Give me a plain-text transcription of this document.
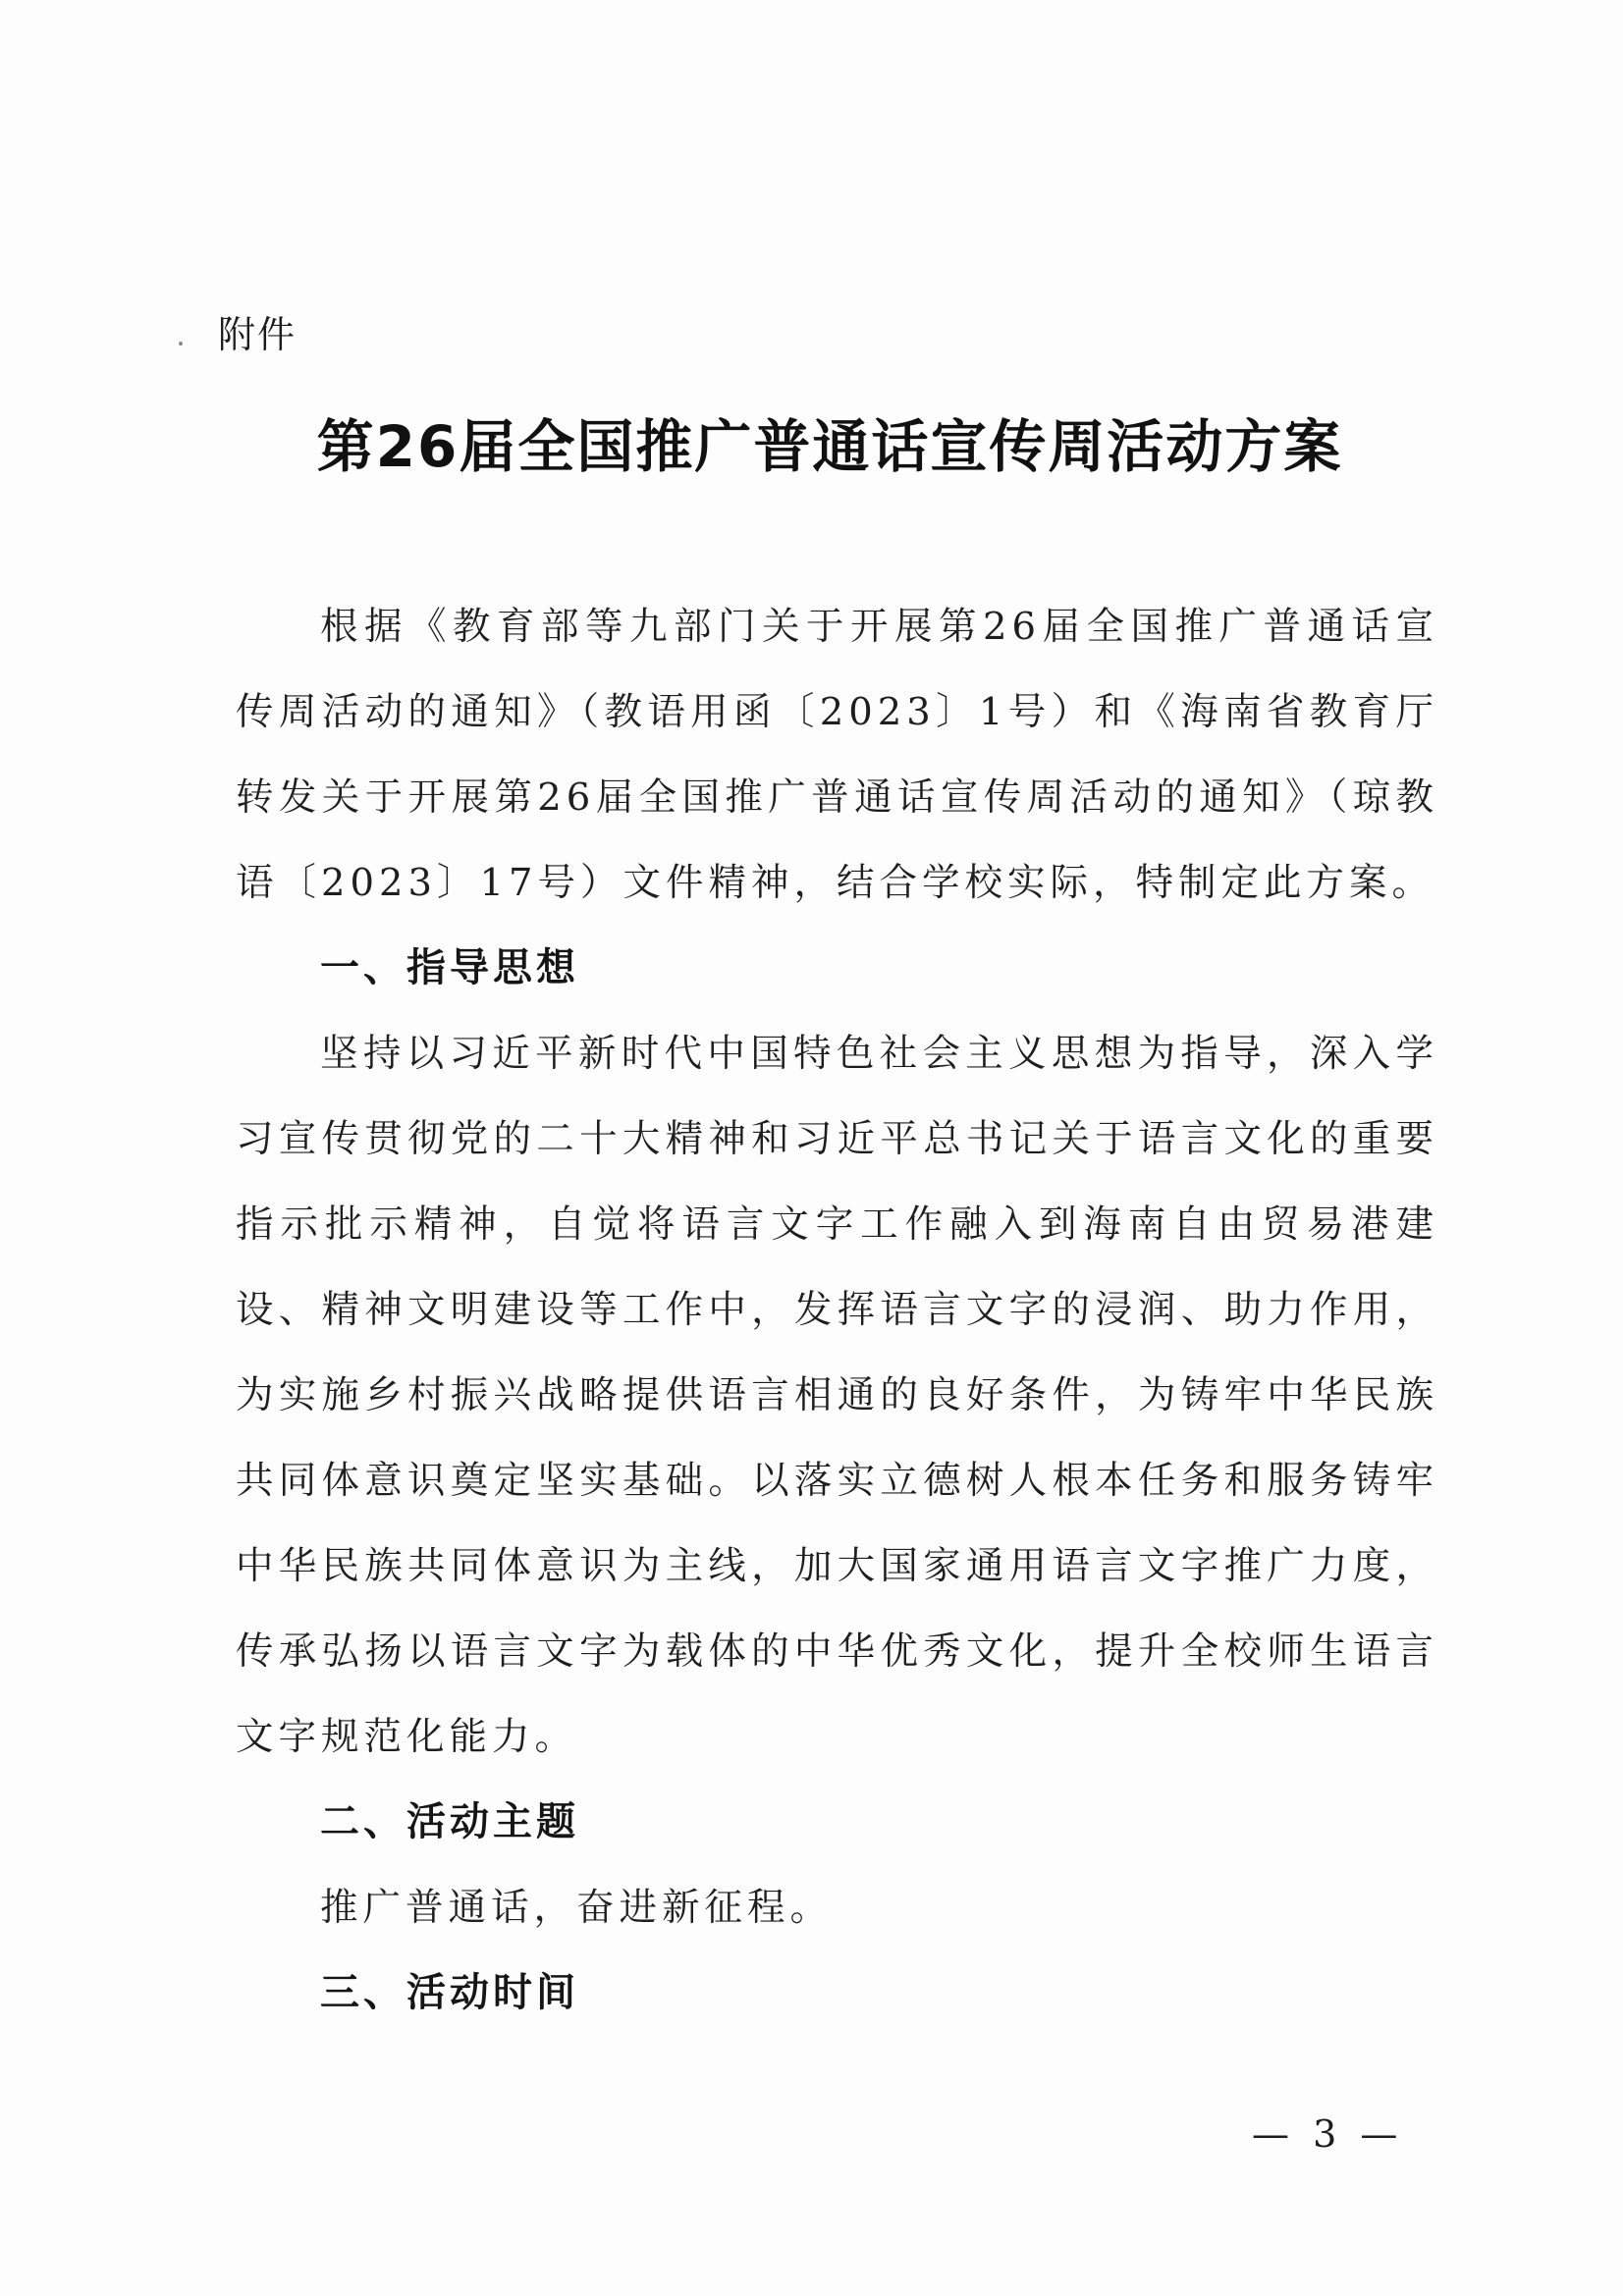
附件
第26届全国推广普通话宣传周活动方案

根据《教育部等九部门关于开展第26届全国推广普通话宣传周活动的通知》（教语用函〔2023〕1号）和《海南省教育厅转发关于开展第26届全国推广普通话宣传周活动的通知》（琼教语〔2023〕17号）文件精神，结合学校实际，特制定此方案。

一、指导思想

坚持以习近平新时代中国特色社会主义思想为指导，深入学习宣传贯彻党的二十大精神和习近平总书记关于语言文化的重要指示批示精神，自觉将语言文字工作融入到海南自由贸易港建设、精神文明建设等工作中，发挥语言文字的浸润、助力作用，为实施乡村振兴战略提供语言相通的良好条件，为铸牢中华民族共同体意识奠定坚实基础。以落实立德树人根本任务和服务铸牢中华民族共同体意识为主线，加大国家通用语言文字推广力度，传承弘扬以语言文字为载体的中华优秀文化，提升全校师生语言文字规范化能力。

二、活动主题

推广普通话，奋进新征程。

三、活动时间

— 3 —
